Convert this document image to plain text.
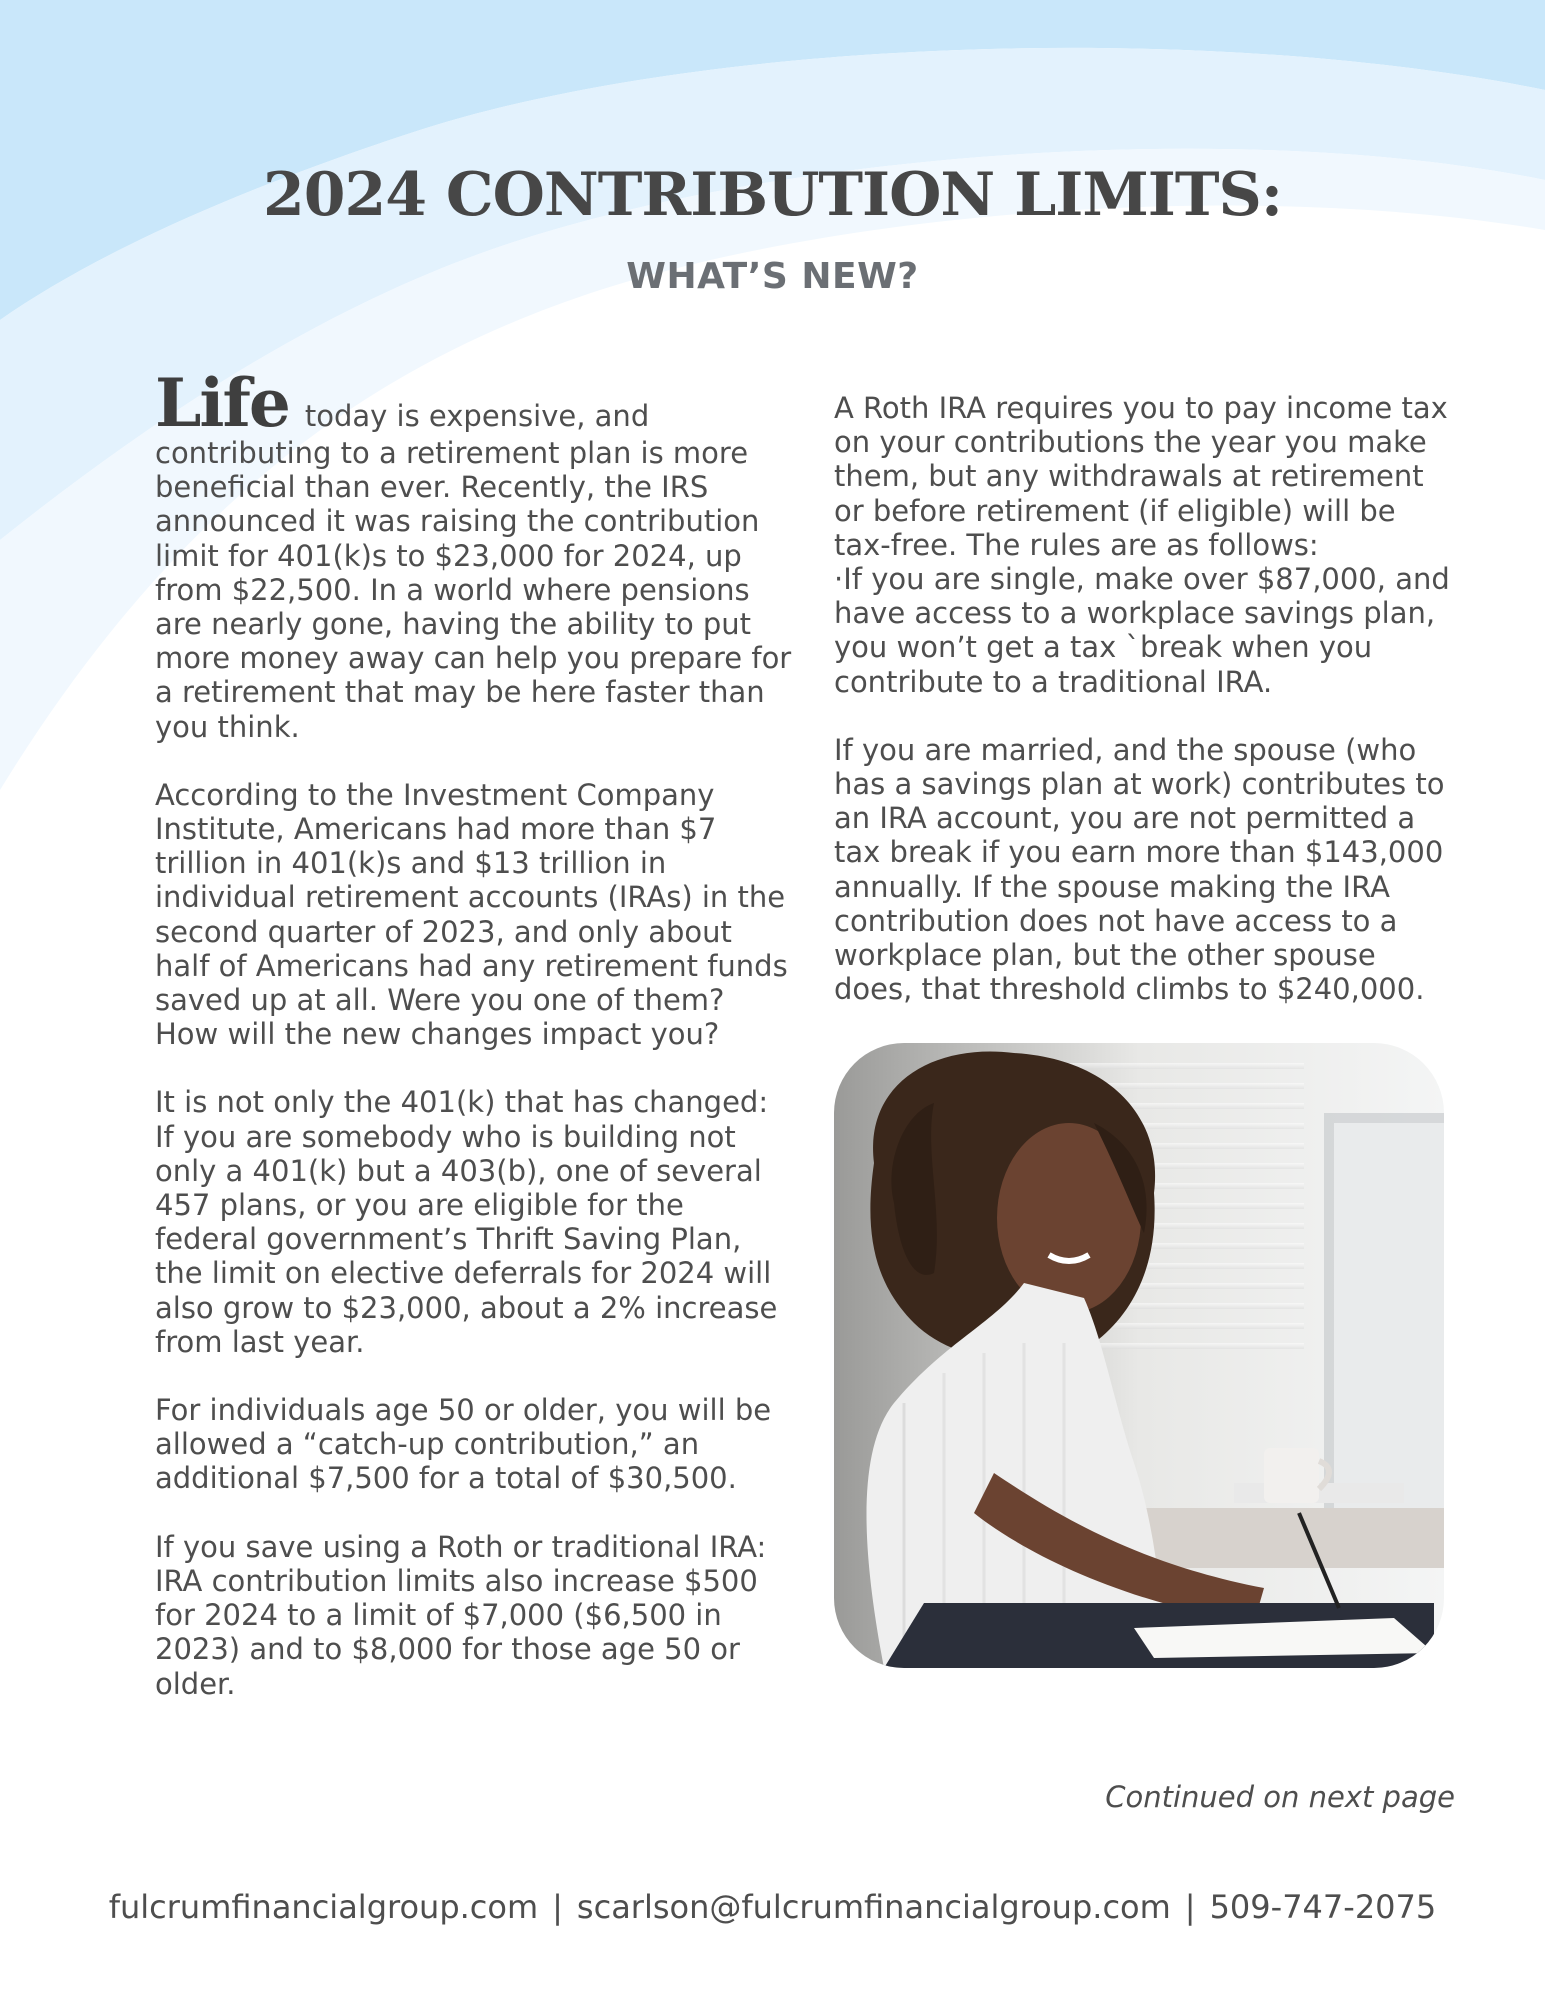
2024 CONTRIBUTION LIMITS:
WHAT’S NEW?

Life today is expensive, and contributing to a retirement plan is more beneficial than ever. Recently, the IRS announced it was raising the contribution limit for 401(k)s to $23,000 for 2024, up from $22,500. In a world where pensions are nearly gone, having the ability to put more money away can help you prepare for a retirement that may be here faster than you think.

According to the Investment Company Institute, Americans had more than $7 trillion in 401(k)s and $13 trillion in individual retirement accounts (IRAs) in the second quarter of 2023, and only about half of Americans had any retirement funds saved up at all. Were you one of them? How will the new changes impact you?

It is not only the 401(k) that has changed: If you are somebody who is building not only a 401(k) but a 403(b), one of several 457 plans, or you are eligible for the federal government’s Thrift Saving Plan, the limit on elective deferrals for 2024 will also grow to $23,000, about a 2% increase from last year.

For individuals age 50 or older, you will be allowed a “catch-up contribution,” an additional $7,500 for a total of $30,500.

If you save using a Roth or traditional IRA: IRA contribution limits also increase $500 for 2024 to a limit of $7,000 ($6,500 in 2023) and to $8,000 for those age 50 or older.

A Roth IRA requires you to pay income tax on your contributions the year you make them, but any withdrawals at retirement or before retirement (if eligible) will be tax-free. The rules are as follows:
·If you are single, make over $87,000, and have access to a workplace savings plan, you won’t get a tax `break when you contribute to a traditional IRA.

If you are married, and the spouse (who has a savings plan at work) contributes to an IRA account, you are not permitted a tax break if you earn more than $143,000 annually. If the spouse making the IRA contribution does not have access to a workplace plan, but the other spouse does, that threshold climbs to $240,000.

Continued on next page
fulcrumfinancialgroup.com | scarlson@fulcrumfinancialgroup.com | 509-747-2075
